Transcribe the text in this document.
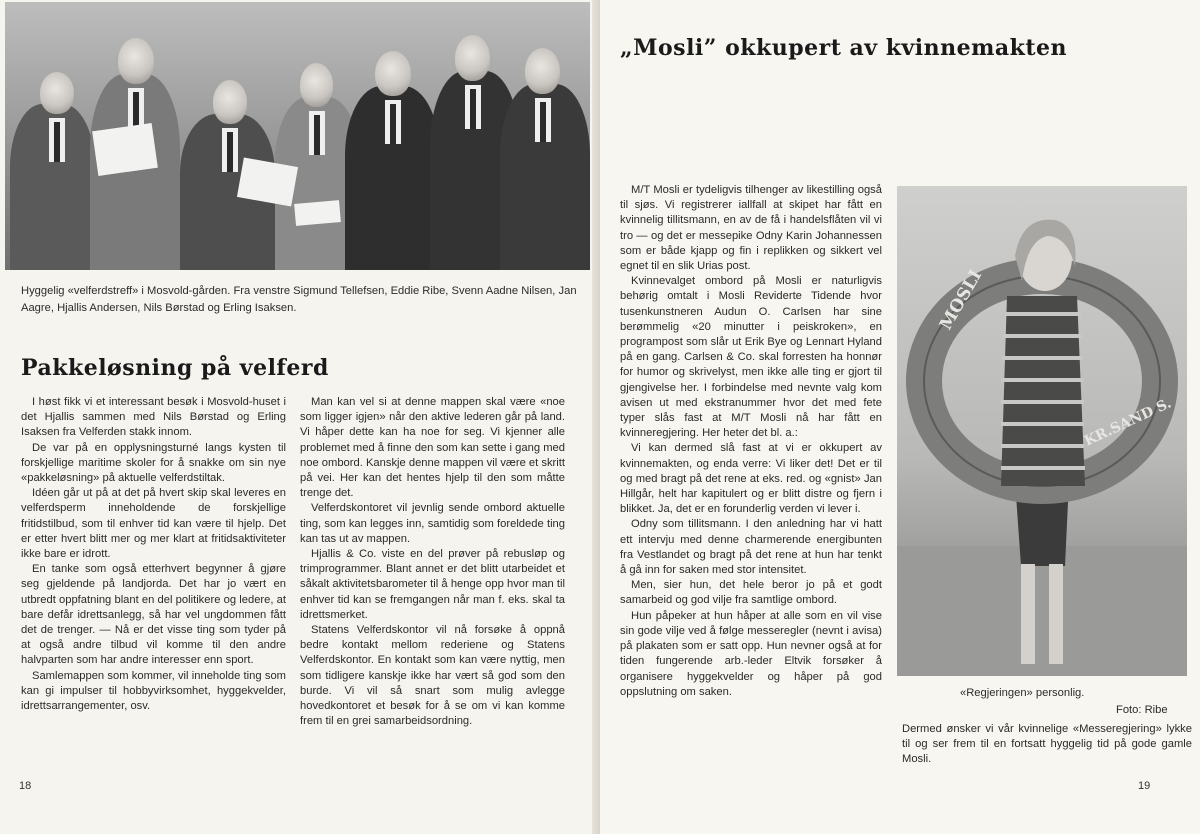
Hyggelig «velferdstreff» i Mosvold-gården. Fra venstre Sigmund Tellefsen, Eddie Ribe, Svenn Aadne Nilsen, Jan Aagre, Hjallis Andersen, Nils Børstad og Erling Isaksen.
Pakkeløsning på velferd

I høst fikk vi et interessant besøk i Mosvold-huset i det Hjallis sammen med Nils Børstad og Erling Isaksen fra Velferden stakk innom.

De var på en opplysningsturné langs kysten til forskjellige maritime skoler for å snakke om sin nye «pakkeløsning» på aktuelle velferdstiltak.

Idéen går ut på at det på hvert skip skal leveres en velferdsperm inneholdende de forskjellige fritidstilbud, som til enhver tid kan være til hjelp. Det er etter hvert blitt mer og mer klart at fritidsaktiviteter ikke bare er idrott.

En tanke som også etterhvert begynner å gjøre seg gjeldende på landjorda. Det har jo vært en utbredt oppfatning blant en del politikere og ledere, at bare defår idrettsanlegg, så har vel ungdommen fått det de trenger. — Nå er det visse ting som tyder på at også andre tilbud vil komme til den andre halvparten som har andre interesser enn sport.

Samlemappen som kommer, vil inneholde ting som kan gi impulser til hobbyvirksomhet, hyggekvelder, idrettsarrangementer, osv.

Man kan vel si at denne mappen skal være «noe som ligger igjen» når den aktive lederen går på land. Vi håper dette kan ha noe for seg. Vi kjenner alle problemet med å finne den som kan sette i gang med noe ombord. Kanskje denne mappen vil være et skritt på vei. Her kan det hentes hjelp til den som måtte trenge det.

Velferdskontoret vil jevnlig sende ombord aktuelle ting, som kan legges inn, samtidig som foreldede ting kan tas ut av mappen.

Hjallis & Co. viste en del prøver på rebusløp og trimprogrammer. Blant annet er det blitt utarbeidet et såkalt aktivitetsbarometer til å henge opp hvor man til enhver tid kan se fremgangen når man f. eks. skal ta idrettsmerket.

Statens Velferdskontor vil nå forsøke å oppnå bedre kontakt mellom rederiene og Statens Velferdskontor. En kontakt som kan være nyttig, men som tidligere kanskje ikke har vært så god som den burde. Vi vil så snart som mulig avlegge hovedkontoret et besøk for å se om vi kan komme frem til en grei samarbeidsordning.

18
„Mosli” okkupert av kvinnemakten

M/T Mosli er tydeligvis tilhenger av likestilling også til sjøs. Vi registrerer iallfall at skipet har fått en kvinnelig tillitsmann, en av de få i handelsflåten vil vi tro — og det er messepike Odny Karin Johannessen som er både kjapp og fin i replikken og sikkert vel egnet til en slik Urias post.

Kvinnevalget ombord på Mosli er naturligvis behørig omtalt i Mosli Reviderte Tidende hvor tusenkunstneren Audun O. Carlsen har sine berømmelig «20 minutter i peiskroken», en programpost som slår ut Erik Bye og Lennart Hyland på en gang. Carlsen & Co. skal forresten ha honnør for humor og skrivelyst, men ikke alle ting er gjort til gjengivelse her. I forbindelse med nevnte valg kom avisen ut med ekstranummer hvor det med fete typer slås fast at M/T Mosli nå har fått en kvinneregjering. Her heter det bl. a.:

Vi kan dermed slå fast at vi er okkupert av kvinnemakten, og enda verre: Vi liker det! Det er til og med bragt på det rene at eks. red. og «gnist» Jan Hillgår, helt har kapitulert og er blitt distre og fjern i blikket. Ja, det er en forunderlig verden vi lever i.

Odny som tillitsmann. I den anledning har vi hatt ett intervju med denne charmerende energibunten fra Vestlandet og bragt på det rene at hun har tenkt å gå inn for saken med stor intensitet.

Men, sier hun, det hele beror jo på et godt samarbeid og god vilje fra samtlige ombord.

Hun påpeker at hun håper at alle som en vil vise sin gode vilje ved å følge messeregler (nevnt i avisa) på plakaten som er satt opp. Hun nevner også at for tiden fungerende arb.-leder Eltvik forsøker å organisere hyggekvelder og håper på god oppslutning om saken.

MOSLI
KR.SAND S.
«Regjeringen» personlig.
Foto: Ribe
Dermed ønsker vi vår kvinnelige «Messeregjering» lykke til og ser frem til en fortsatt hyggelig tid på gode gamle Mosli.
19
